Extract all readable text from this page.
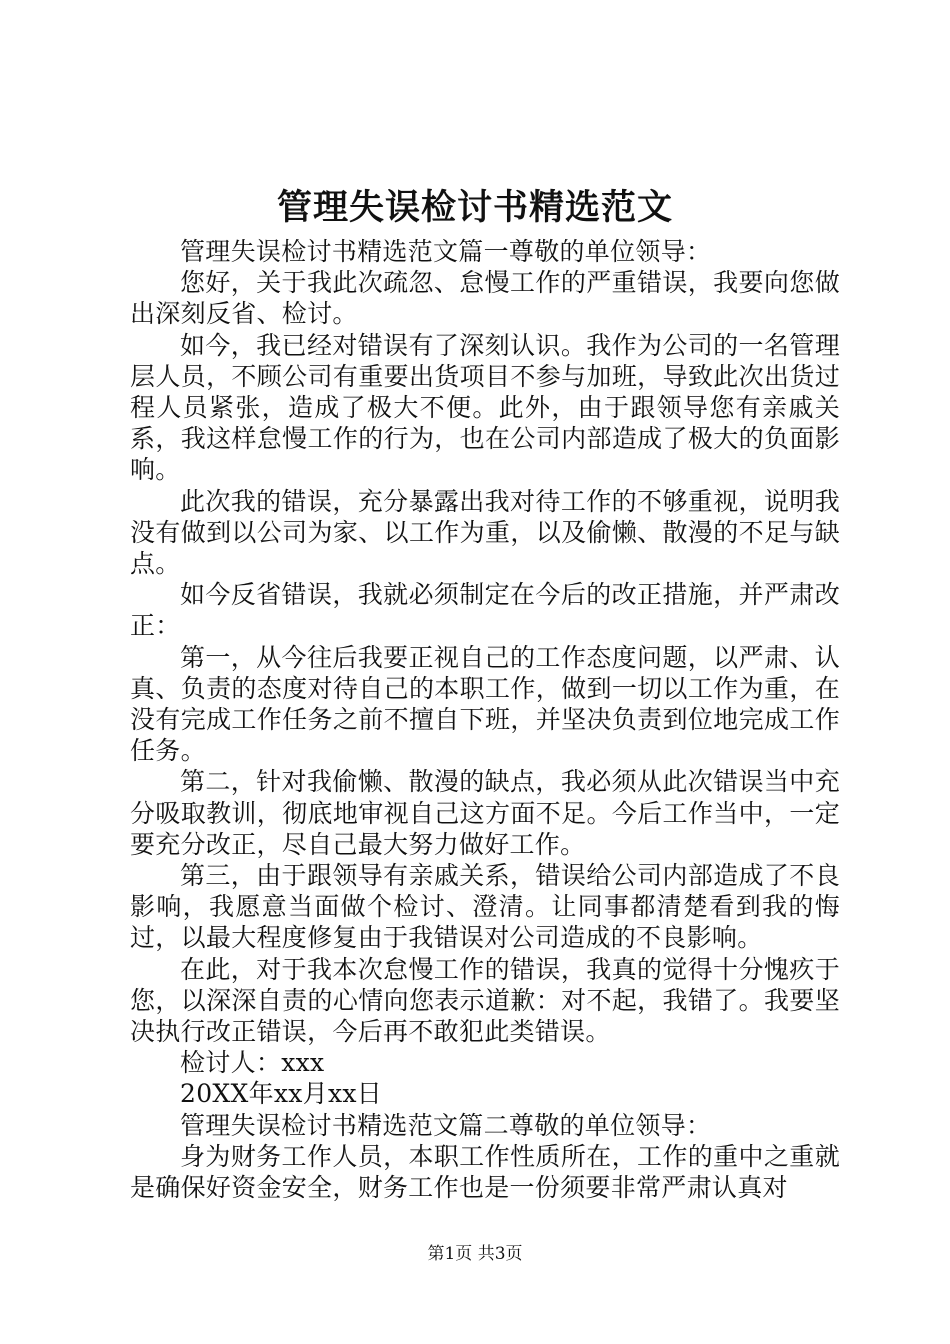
管理失误检讨书精选范文

管理失误检讨书精选范文篇一尊敬的单位领导：

您好，关于我此次疏忽、怠慢工作的严重错误，我要向您做出深刻反省、检讨。

如今，我已经对错误有了深刻认识。我作为公司的一名管理层人员，不顾公司有重要出货项目不参与加班，导致此次出货过程人员紧张，造成了极大不便。此外，由于跟领导您有亲戚关系，我这样怠慢工作的行为，也在公司内部造成了极大的负面影响。

此次我的错误，充分暴露出我对待工作的不够重视，说明我没有做到以公司为家、以工作为重，以及偷懒、散漫的不足与缺点。

如今反省错误，我就必须制定在今后的改正措施，并严肃改正：

第一，从今往后我要正视自己的工作态度问题，以严肃、认真、负责的态度对待自己的本职工作，做到一切以工作为重，在没有完成工作任务之前不擅自下班，并坚决负责到位地完成工作任务。

第二，针对我偷懒、散漫的缺点，我必须从此次错误当中充分吸取教训，彻底地审视自己这方面不足。今后工作当中，一定要充分改正，尽自己最大努力做好工作。

第三，由于跟领导有亲戚关系，错误给公司内部造成了不良影响，我愿意当面做个检讨、澄清。让同事都清楚看到我的悔过，以最大程度修复由于我错误对公司造成的不良影响。

在此，对于我本次怠慢工作的错误，我真的觉得十分愧疚于您，以深深自责的心情向您表示道歉：对不起，我错了。我要坚决执行改正错误，今后再不敢犯此类错误。

检讨人：xxx

20XX年xx月xx日

管理失误检讨书精选范文篇二尊敬的单位领导：

身为财务工作人员，本职工作性质所在，工作的重中之重就是确保好资金安全，财务工作也是一份须要非常严肃认真对

第1页 共3页
